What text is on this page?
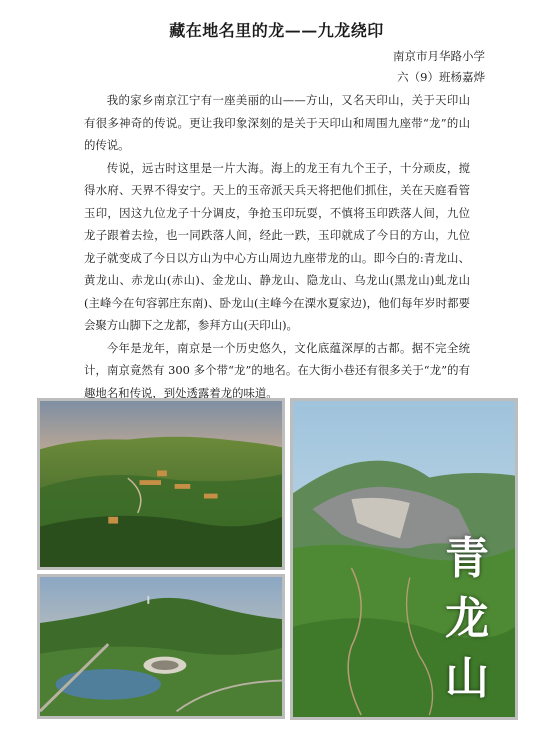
藏在地名里的龙——九龙绕印
南京市月华路小学
六（9）班杨嘉烨

我的家乡南京江宁有一座美丽的山——方山，又名天印山，关于天印山有很多神奇的传说。更让我印象深刻的是关于天印山和周围九座带“龙”的山的传说。

传说，远古时这里是一片大海。海上的龙王有九个王子，十分顽皮，搅得水府、天界不得安宁。天上的玉帝派天兵天将把他们抓住，关在天庭看管玉印，因这九位龙子十分调皮，争抢玉印玩耍，不慎将玉印跌落人间，九位龙子跟着去捡，也一同跌落人间，经此一跌，玉印就成了今日的方山，九位龙子就变成了今日以方山为中心方山周边九座带龙的山。即今白的:青龙山、黄龙山、赤龙山(赤山)、金龙山、静龙山、隐龙山、乌龙山(黑龙山)虬龙山(主峰今在句容郭庄东南)、卧龙山(主峰今在溧水夏家边)，他们每年岁时都要会聚方山脚下之龙都，参拜方山(天印山)。

今年是龙年，南京是一个历史悠久，文化底蕴深厚的古都。据不完全统计，南京竟然有 300 多个带“龙”的地名。在大街小巷还有很多关于“龙”的有趣地名和传说，到处透露着龙的味道。

青
龙
山
